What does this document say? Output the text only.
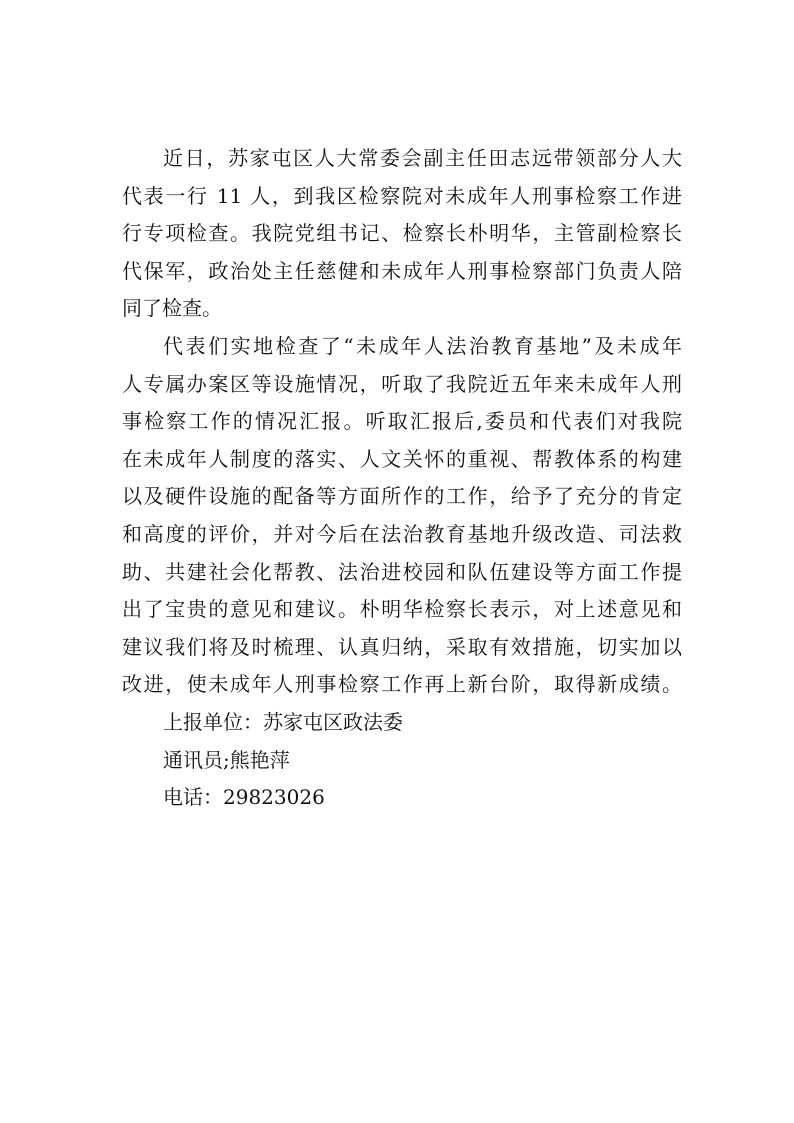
近日，苏家屯区人大常委会副主任田志远带领部分人大
代表一行 11 人，到我区检察院对未成年人刑事检察工作进
行专项检查。我院党组书记、检察长朴明华，主管副检察长
代保军，政治处主任慈健和未成年人刑事检察部门负责人陪
同了检查。
代表们实地检查了“未成年人法治教育基地”及未成年
人专属办案区等设施情况，听取了我院近五年来未成年人刑
事检察工作的情况汇报。听取汇报后,委员和代表们对我院
在未成年人制度的落实、人文关怀的重视、帮教体系的构建
以及硬件设施的配备等方面所作的工作，给予了充分的肯定
和高度的评价，并对今后在法治教育基地升级改造、司法救
助、共建社会化帮教、法治进校园和队伍建设等方面工作提
出了宝贵的意见和建议。朴明华检察长表示，对上述意见和
建议我们将及时梳理、认真归纳，采取有效措施，切实加以
改进，使未成年人刑事检察工作再上新台阶，取得新成绩。
上报单位：苏家屯区政法委
通讯员;熊艳萍
电话：29823026
